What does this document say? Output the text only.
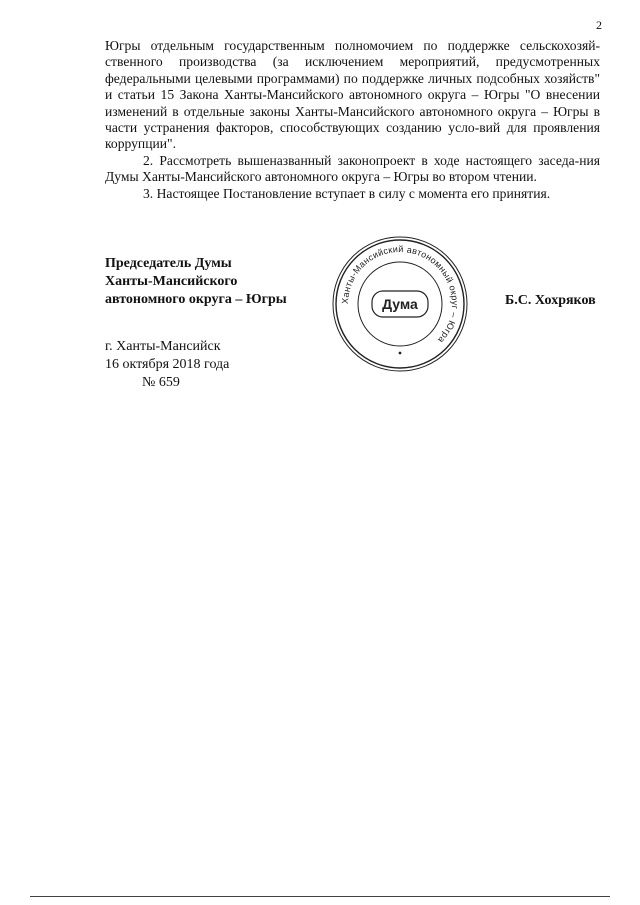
2

Югры отдельным государственным полномочием по поддержке сельскохозяй-ственного производства (за исключением мероприятий, предусмотренных федеральными целевыми программами) по поддержке личных подсобных хозяйств" и статьи 15 Закона Ханты-Мансийского автономного округа – Югры "О внесении изменений в отдельные законы Ханты-Мансийского автономного округа – Югры в части устранения факторов, способствующих созданию усло-вий для проявления коррупции".

2. Рассмотреть вышеназванный законопроект в ходе настоящего заседа-ния Думы Ханты-Мансийского автономного округа – Югры во втором чтении.

3. Настоящее Постановление вступает в силу с момента его принятия.

Председатель Думы
Ханты-Мансийского
автономного округа – Югры	Ханты-Мансийский автономный округ – Югра
Дума	Б.С. Хохряков
г. Ханты-Мансийск
16 октября 2018 года
№ 659
